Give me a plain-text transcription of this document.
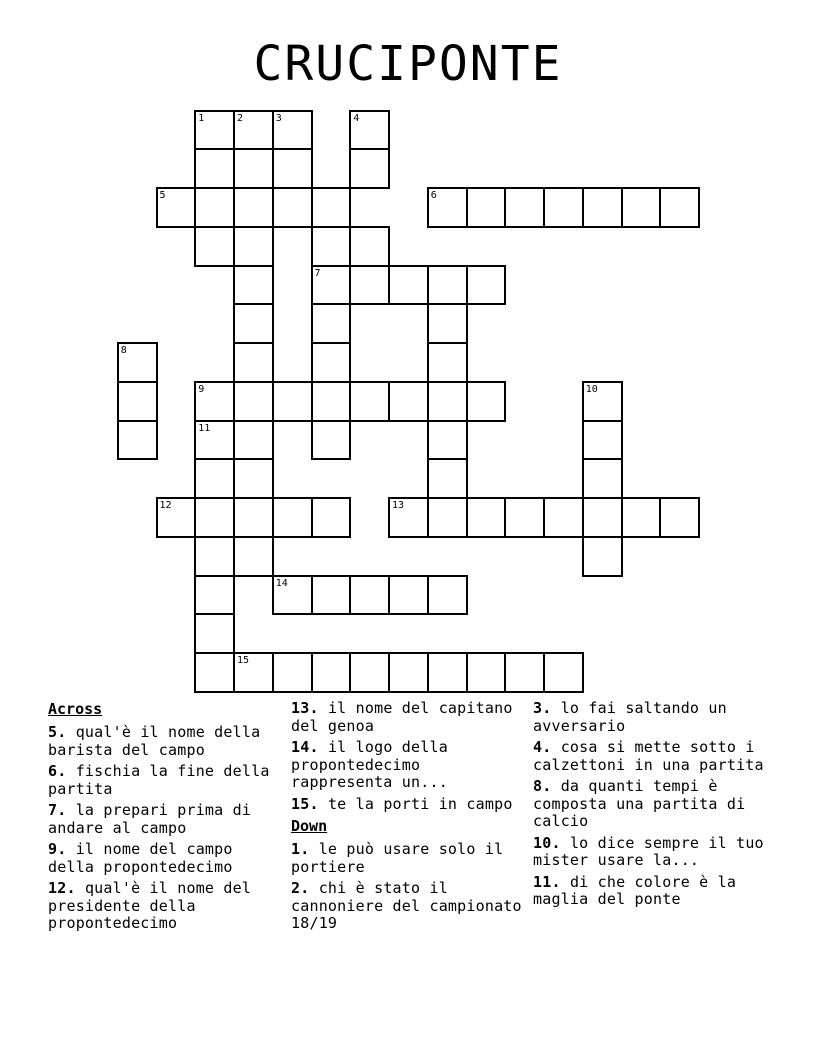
CRUCIPONTE
1	2	3	4
5	6
7
8
9	10
11
12	13
14
15
Across
5. qual'è il nome della barista del campo
6. fischia la fine della partita
7. la prepari prima di andare al campo
9. il nome del campo della propontedecimo
12. qual'è il nome del presidente della propontedecimo
13. il nome del capitano del genoa
14. il logo della propontedecimo rappresenta un...
15. te la porti in campo
Down
1. le può usare solo il portiere
2. chi è stato il cannoniere del campionato 18/19
3. lo fai saltando un avversario
4. cosa si mette sotto i calzettoni in una partita
8. da quanti tempi è composta una partita di calcio
10. lo dice sempre il tuo mister usare la...
11. di che colore è la maglia del ponte
